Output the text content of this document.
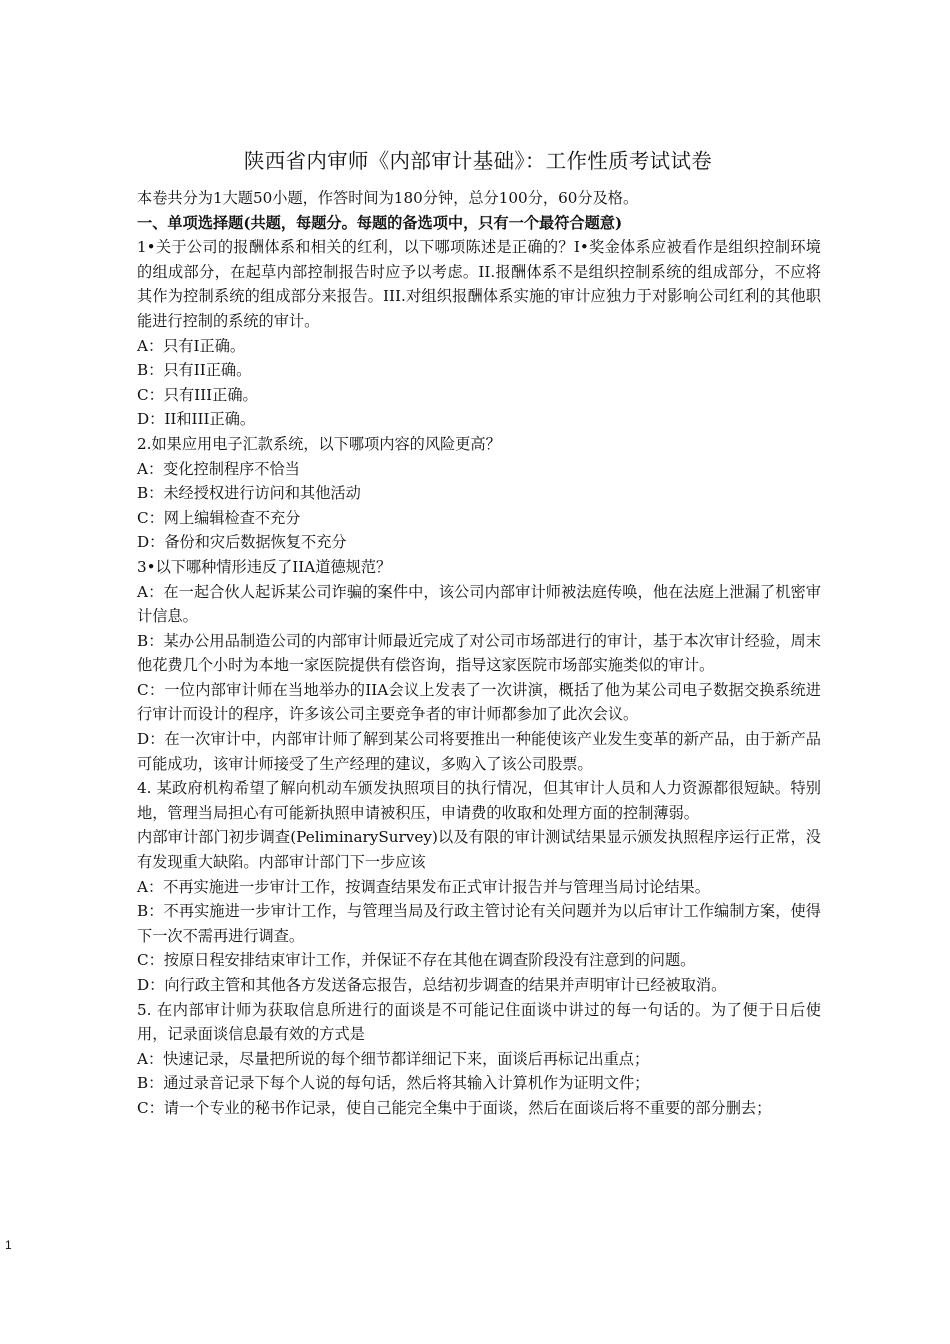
陕西省内审师《内部审计基础》：工作性质考试试卷

本卷共分为1大题50小题，作答时间为180分钟，总分100分，60分及格。

一、单项选择题(共题，每题分。每题的备选项中，只有一个最符合题意)

1•关于公司的报酬体系和相关的红利，以下哪项陈述是正确的？I•奖金体系应被看作是组织控制环境的组成部分，在起草内部控制报告时应予以考虑。II.报酬体系不是组织控制系统的组成部分，不应将其作为控制系统的组成部分来报告。III.对组织报酬体系实施的审计应独力于对影响公司红利的其他职能进行控制的系统的审计。

A：只有I正确。

B：只有II正确。

C：只有III正确。

D：II和III正确。

2.如果应用电子汇款系统，以下哪项内容的风险更高？

A：变化控制程序不恰当

B：未经授权进行访问和其他活动

C：网上编辑检查不充分

D：备份和灾后数据恢复不充分

3•以下哪种情形违反了IIA道德规范？

A：在一起合伙人起诉某公司诈骗的案件中，该公司内部审计师被法庭传唤，他在法庭上泄漏了机密审计信息。

B：某办公用品制造公司的内部审计师最近完成了对公司市场部进行的审计，基于本次审计经验，周末他花费几个小时为本地一家医院提供有偿咨询，指导这家医院市场部实施类似的审计。

C：一位内部审计师在当地举办的IIA会议上发表了一次讲演，概括了他为某公司电子数据交换系统进行审计而设计的程序，许多该公司主要竞争者的审计师都参加了此次会议。

D：在一次审计中，内部审计师了解到某公司将要推出一种能使该产业发生变革的新产品，由于新产品可能成功，该审计师接受了生产经理的建议，多购入了该公司股票。

4. 某政府机构希望了解向机动车颁发执照项目的执行情况，但其审计人员和人力资源都很短缺。特别地，管理当局担心有可能新执照申请被积压，申请费的收取和处理方面的控制薄弱。

内部审计部门初步调查(PeliminarySurvey)以及有限的审计测试结果显示颁发执照程序运行正常，没有发现重大缺陷。内部审计部门下一步应该

A：不再实施进一步审计工作，按调查结果发布正式审计报告并与管理当局讨论结果。

B：不再实施进一步审计工作，与管理当局及行政主管讨论有关问题并为以后审计工作编制方案，使得下一次不需再进行调查。

C：按原日程安排结束审计工作，并保证不存在其他在调查阶段没有注意到的问题。

D：向行政主管和其他各方发送备忘报告，总结初步调查的结果并声明审计已经被取消。

5. 在内部审计师为获取信息所进行的面谈是不可能记住面谈中讲过的每一句话的。为了便于日后使用，记录面谈信息最有效的方式是

A：快速记录，尽量把所说的每个细节都详细记下来，面谈后再标记出重点；

B：通过录音记录下每个人说的每句话，然后将其输入计算机作为证明文件；

C：请一个专业的秘书作记录，使自己能完全集中于面谈，然后在面谈后将不重要的部分删去；

1
